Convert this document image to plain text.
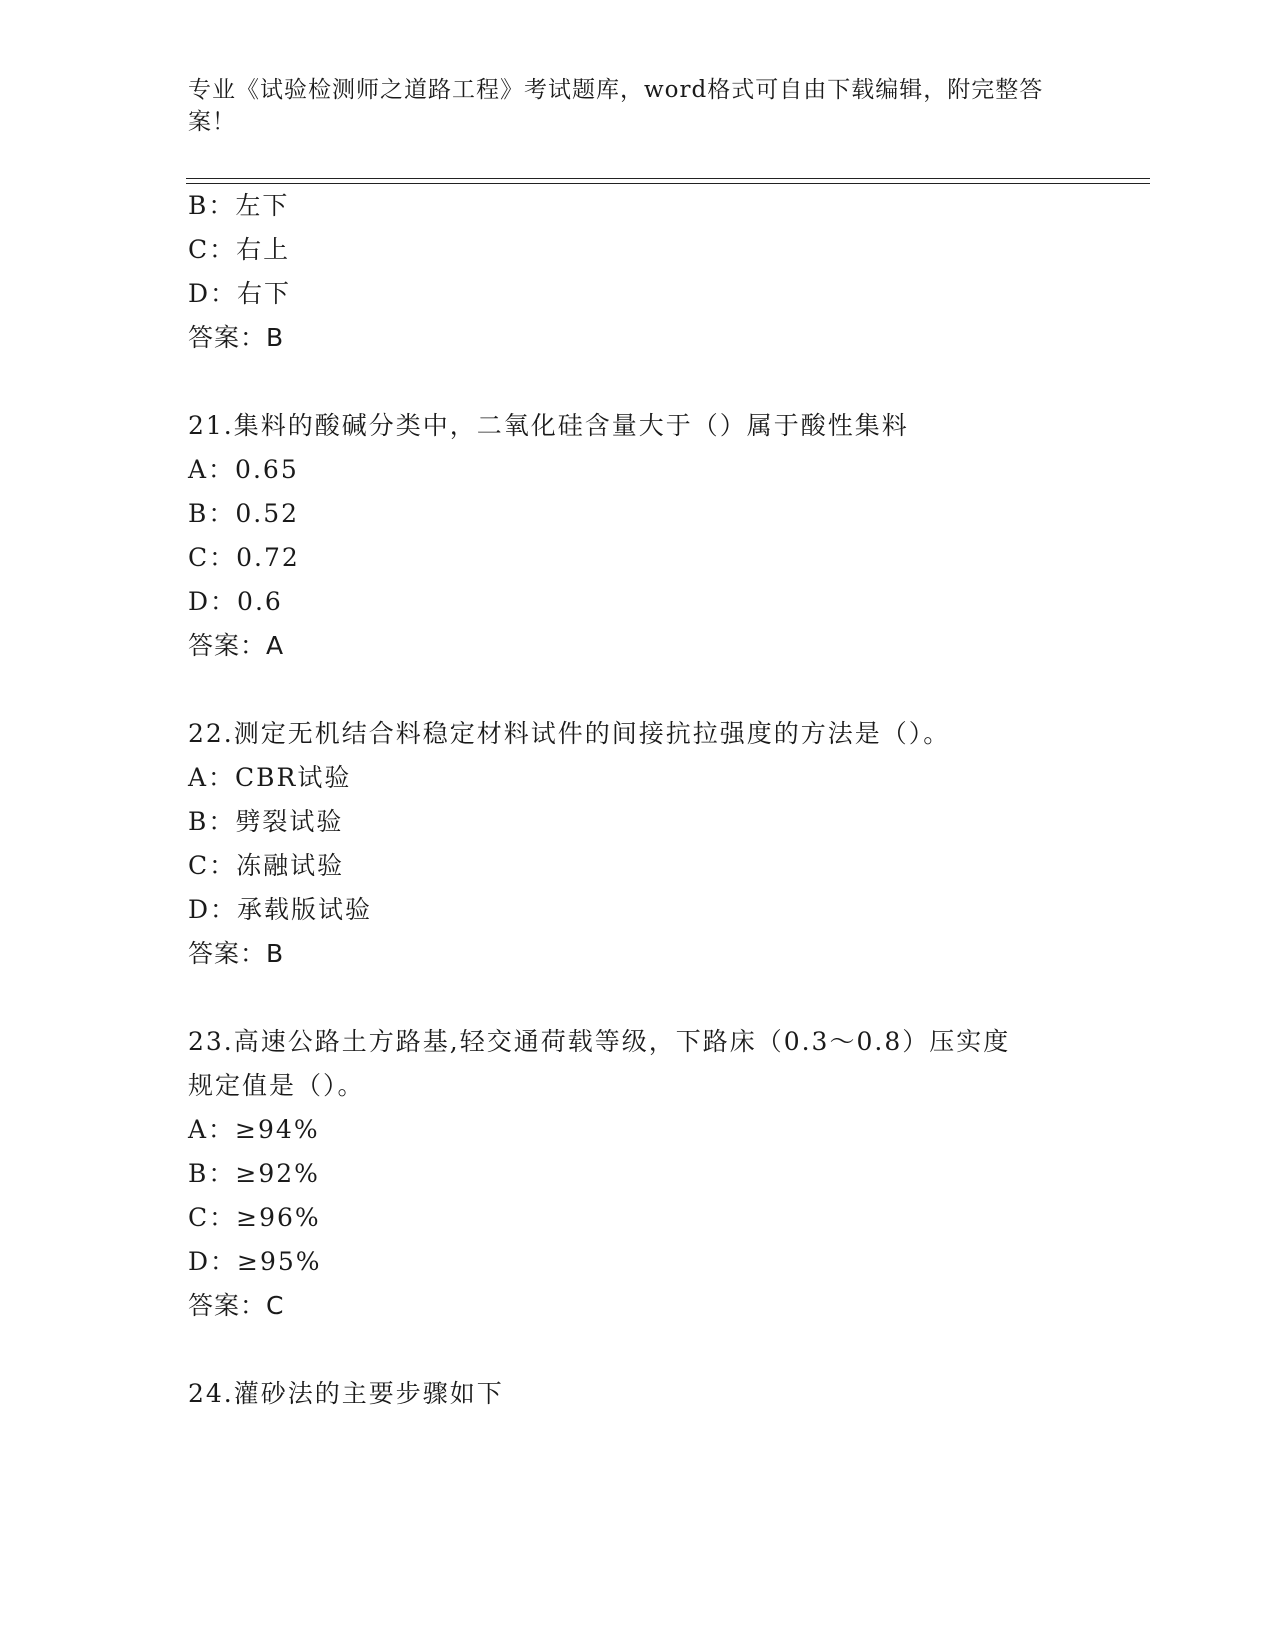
专业《试验检测师之道路工程》考试题库，word格式可自由下载编辑，附完整答案！
B：左下
C：右上
D：右下
答案：B
21.集料的酸碱分类中，二氧化硅含量大于（）属于酸性集料
A：0.65
B：0.52
C：0.72
D：0.6
答案：A
22.测定无机结合料稳定材料试件的间接抗拉强度的方法是（）。
A：CBR试验
B：劈裂试验
C：冻融试验
D：承载版试验
答案：B
23.高速公路土方路基,轻交通荷载等级，下路床（0.3～0.8）压实度
规定值是（）。
A：≥94%
B：≥92%
C：≥96%
D：≥95%
答案：C
24.灌砂法的主要步骤如下
